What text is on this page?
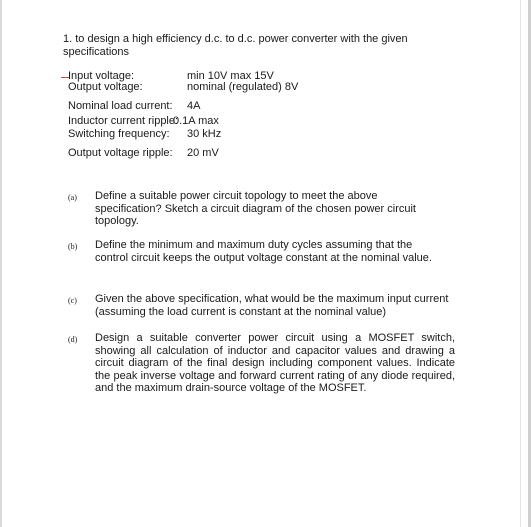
1. to design a high efficiency d.c. to d.c. power converter with the given specifications
Input voltage:	min 10V max 15V
Output voltage:	nominal (regulated) 8V
Nominal load current: 4A
Inductor current ripple:
0.1A max
Switching frequency: 30 kHz
Output voltage ripple: 20 mV
(a) Define a suitable power circuit topology to meet the above specification? Sketch a circuit diagram of the chosen power circuit topology.
(b) Define the minimum and maximum duty cycles assuming that the control circuit keeps the output voltage constant at the nominal value.
(c) Given the above specification, what would be the maximum input current (assuming the load current is constant at the nominal value)
(d) Design a suitable converter power circuit using a MOSFET switch, showing all calculation of inductor and capacitor values and drawing a circuit diagram of the final design including component values. Indicate the peak inverse voltage and forward current rating of any diode required, and the maximum drain-source voltage of the MOSFET.
